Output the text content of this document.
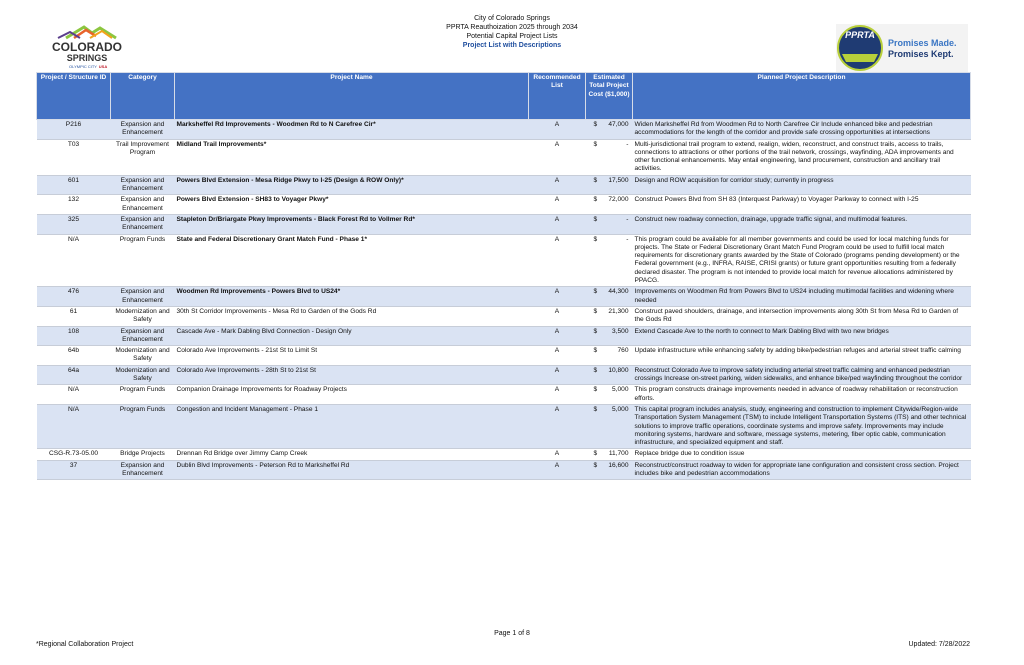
City of Colorado Springs
PPRTA Reauthoization 2025 through 2034
Potential Capital Project Lists
Project List with Descriptions
COLORADO
SPRINGS
OLYMPIC CITY USA
PPRTA
Promises Made.
Promises Kept.
Project / Structure ID	Category	Project Name	Recommended List	Estimated Total Project Cost ($1,000)	Planned Project Description
P216	Expansion and Enhancement	Marksheffel Rd Improvements - Woodmen Rd to N Carefree Cir*	A	$ 47,000	Widen Marksheffel Rd from Woodmen Rd to North Carefree Cir Include enhanced bike and pedestrian accommodations for the length of the corridor and provide safe crossing opportunities at intersections
T03	Trail Improvement Program	Midland Trail Improvements*	A	$ -	Multi-jurisdictional trail program to extend, realign, widen, reconstruct, and construct trails, access to trails, connections to attractions or other portions of the trail network, crossings, wayfinding, ADA improvements and other functional enhancements. May entail engineering, land procurement, construction and ancillary trail activities.
601	Expansion and Enhancement	Powers Blvd Extension - Mesa Ridge Pkwy to I-25 (Design & ROW Only)*	A	$ 17,500	Design and ROW acquisition for corridor study; currently in progress
132	Expansion and Enhancement	Powers Blvd Extension - SH83 to Voyager Pkwy*	A	$ 72,000	Construct Powers Blvd from SH 83 (Interquest Parkway) to Voyager Parkway to connect with I-25
325	Expansion and Enhancement	Stapleton Dr/Briargate Pkwy Improvements - Black Forest Rd to Vollmer Rd*	A	$ -	Construct new roadway connection, drainage, upgrade traffic signal, and multimodal features.
N/A	Program Funds	State and Federal Discretionary Grant Match Fund - Phase 1*	A	$ -	This program could be available for all member governments and could be used for local matching funds for projects. The State or Federal Discretionary Grant Match Fund Program could be used to fulfill local match requirements for discretionary grants awarded by the State of Colorado (programs pending development) or the Federal government (e.g., INFRA, RAISE, CRISI grants) or future grant opportunities resulting from a federally declared disaster. The program is not intended to provide local match for revenue allocations administered by PPACG.
476	Expansion and Enhancement	Woodmen Rd Improvements - Powers Blvd to US24*	A	$ 44,300	Improvements on Woodmen Rd from Powers Blvd to US24 including multimodal facilities and widening where needed
61	Modernization and Safety	30th St Corridor Improvements - Mesa Rd to Garden of the Gods Rd	A	$ 21,300	Construct paved shoulders, drainage, and intersection improvements along 30th St from Mesa Rd to Garden of the Gods Rd
108	Expansion and Enhancement	Cascade Ave - Mark Dabling Blvd Connection - Design Only	A	$ 3,500	Extend Cascade Ave to the north to connect to Mark Dabling Blvd with two new bridges
64b	Modernization and Safety	Colorado Ave Improvements - 21st St to Limit St	A	$ 760	Update infrastructure while enhancing safety by adding bike/pedestrian refuges and arterial street traffic calming
64a	Modernization and Safety	Colorado Ave Improvements - 28th St to 21st St	A	$ 10,800	Reconstruct Colorado Ave to improve safety including arterial street traffic calming and enhanced pedestrian crossings Increase on-street parking, widen sidewalks, and enhance bike/ped wayfinding throughout the corridor
N/A	Program Funds	Companion Drainage Improvements for Roadway Projects	A	$ 5,000	This program constructs drainage improvements needed in advance of roadway rehabilitation or reconstruction efforts.
N/A	Program Funds	Congestion and Incident Management - Phase 1	A	$ 5,000	This capital program includes analysis, study, engineering and construction to implement Citywide/Region-wide Transportation System Management (TSM) to include Intelligent Transportation Systems (ITS) and other technical solutions to improve traffic operations, coordinate systems and improve safety. Improvements may include monitoring systems, hardware and software, message systems, metering, fiber optic cable, communication infrastructure, and specialized equipment and staff.
CSG-R.73-05.00	Bridge Projects	Drennan Rd Bridge over Jimmy Camp Creek	A	$ 11,700	Replace bridge due to condition issue
37	Expansion and Enhancement	Dublin Blvd Improvements - Peterson Rd to Marksheffel Rd	A	$ 16,600	Reconstruct/construct roadway to widen for appropriate lane configuration and consistent cross section. Project includes bike and pedestrian accommodations
Page 1 of 8
*Regional Collaboration Project	Updated: 7/28/2022
